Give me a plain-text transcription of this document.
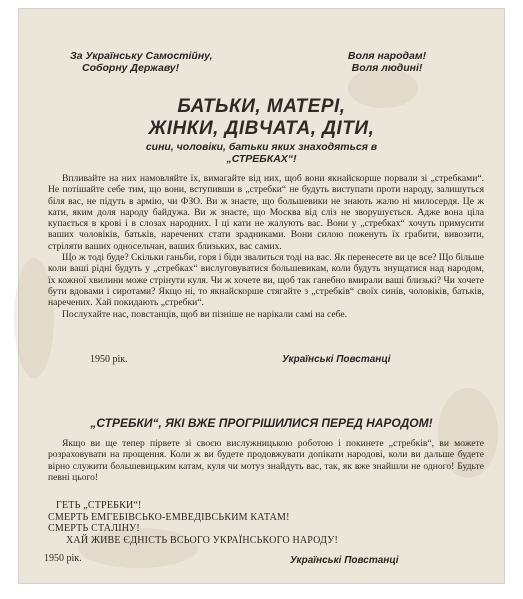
За Українську Самостійну,
Соборну Державу!
Воля народам!
Воля людині!
БАТЬКИ, МАТЕРІ,
ЖІНКИ, ДІВЧАТА, ДІТИ,
сини, чоловіки, батьки яких знаходяться в
„СТРЕБКАХ“!

Впливайте на них намовляйте їх, вимагайте від них, щоб вони якнайскорше порвали зі „стребками“. Не потішайте себе тим, що вони, вступивши в „стребки“ не будуть виступати проти народу, залишуться біля вас, не підуть в армію, чи ФЗО. Ви ж знаєте, що большевики не знають жалю ні милосердя. Це ж кати, яким доля народу байдужа. Ви ж знаєте, що Москва від сліз не зворушується. Адже вона ціла купається в крові і в слозах народних. І ці кати не жалують вас. Вони у „стребках“ хочуть примусити ваших чоловіків, батьків, наречених стати зрадниками. Вони силою поженуть їх грабити, вивозити, стріляти ваших односельчан, ваших близьких, вас самих.

Що ж тоді буде? Скільки ганьби, горя і біди звалиться тоді на вас. Як перенесете ви це все? Що більше коли ваші рідні будуть у „стребках“ вислуговуватися большевикам, коли будуть знущатися над народом, їх кожної хвилини може стрінути куля. Чи ж хочете ви, щоб так ганебно вмирали ваші близькі? Чи хочете бути вдовами і сиротами? Якщо ні, то якнайскорше стягайте з „стребків“ своїх синів, чоловіків, батьків, наречених. Хай покидають „стребки“.

Послухайте нас, повстанців, щоб ви пізніше не нарікали самі на себе.

1950 рік.	Українські Повстанці
„СТРЕБКИ“, ЯКІ ВЖЕ ПРОГРІШИЛИСЯ ПЕРЕД НАРОДОМ!

Якщо ви ще тепер пірвете зі своєю вислужницькою роботою і покинете „стребків“, ви можете розраховувати на прощення. Коли ж ви будете продовжувати допікати народові, коли ви дальше будете вірно служити большевицьким катам, куля чи мотуз знайдуть вас, так, як вже знайшли не одного! Будьте певні цього!

ГЕТЬ „СТРЕБКИ“!
СМЕРТЬ ЕМГЕБІВСЬКО-ЕМВЕДІВСЬКИМ КАТАМ!
СМЕРТЬ СТАЛІНУ!
ХАЙ ЖИВЕ ЄДНІСТЬ ВСЬОГО УКРАЇНСЬКОГО НАРОДУ!
1950 рік.	Українські Повстанці
